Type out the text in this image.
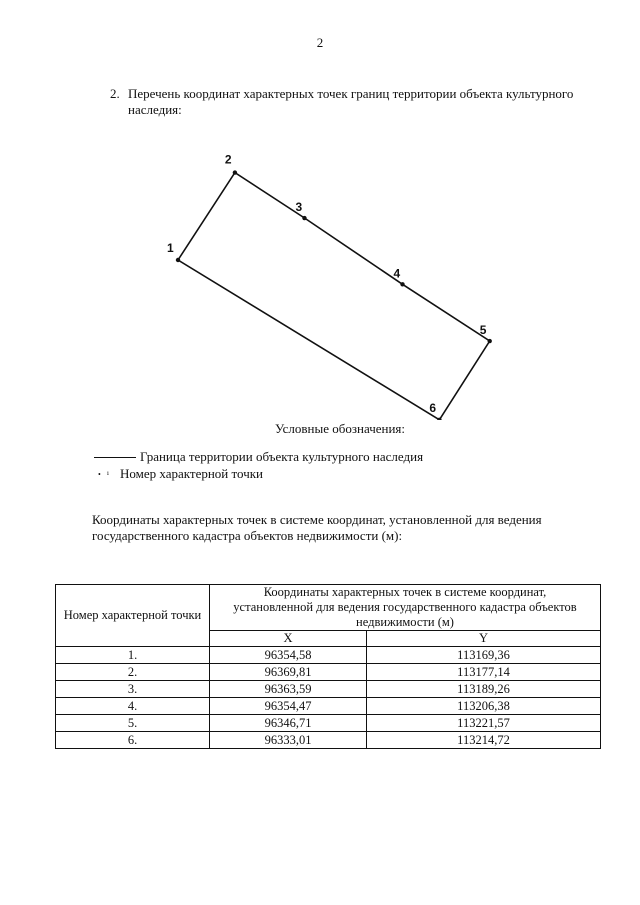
2
2. Перечень координат характерных точек границ территории объекта культурного
наследия:
1
2
3
4
5
6
Условные обозначения:
Граница территории объекта культурного наследия
• ¹ Номер характерной точки
Координаты характерных точек в системе координат, установленной для ведения
государственного кадастра объектов недвижимости (м):
Номер характерной точки	Координаты характерных точек в системе координат,
установленной для ведения государственного кадастра объектов
недвижимости (м)	

	X	Y
1.	96354,58	113169,36
2.	96369,81	113177,14
3.	96363,59	113189,26
4.	96354,47	113206,38
5.	96346,71	113221,57
6.	96333,01	113214,72
